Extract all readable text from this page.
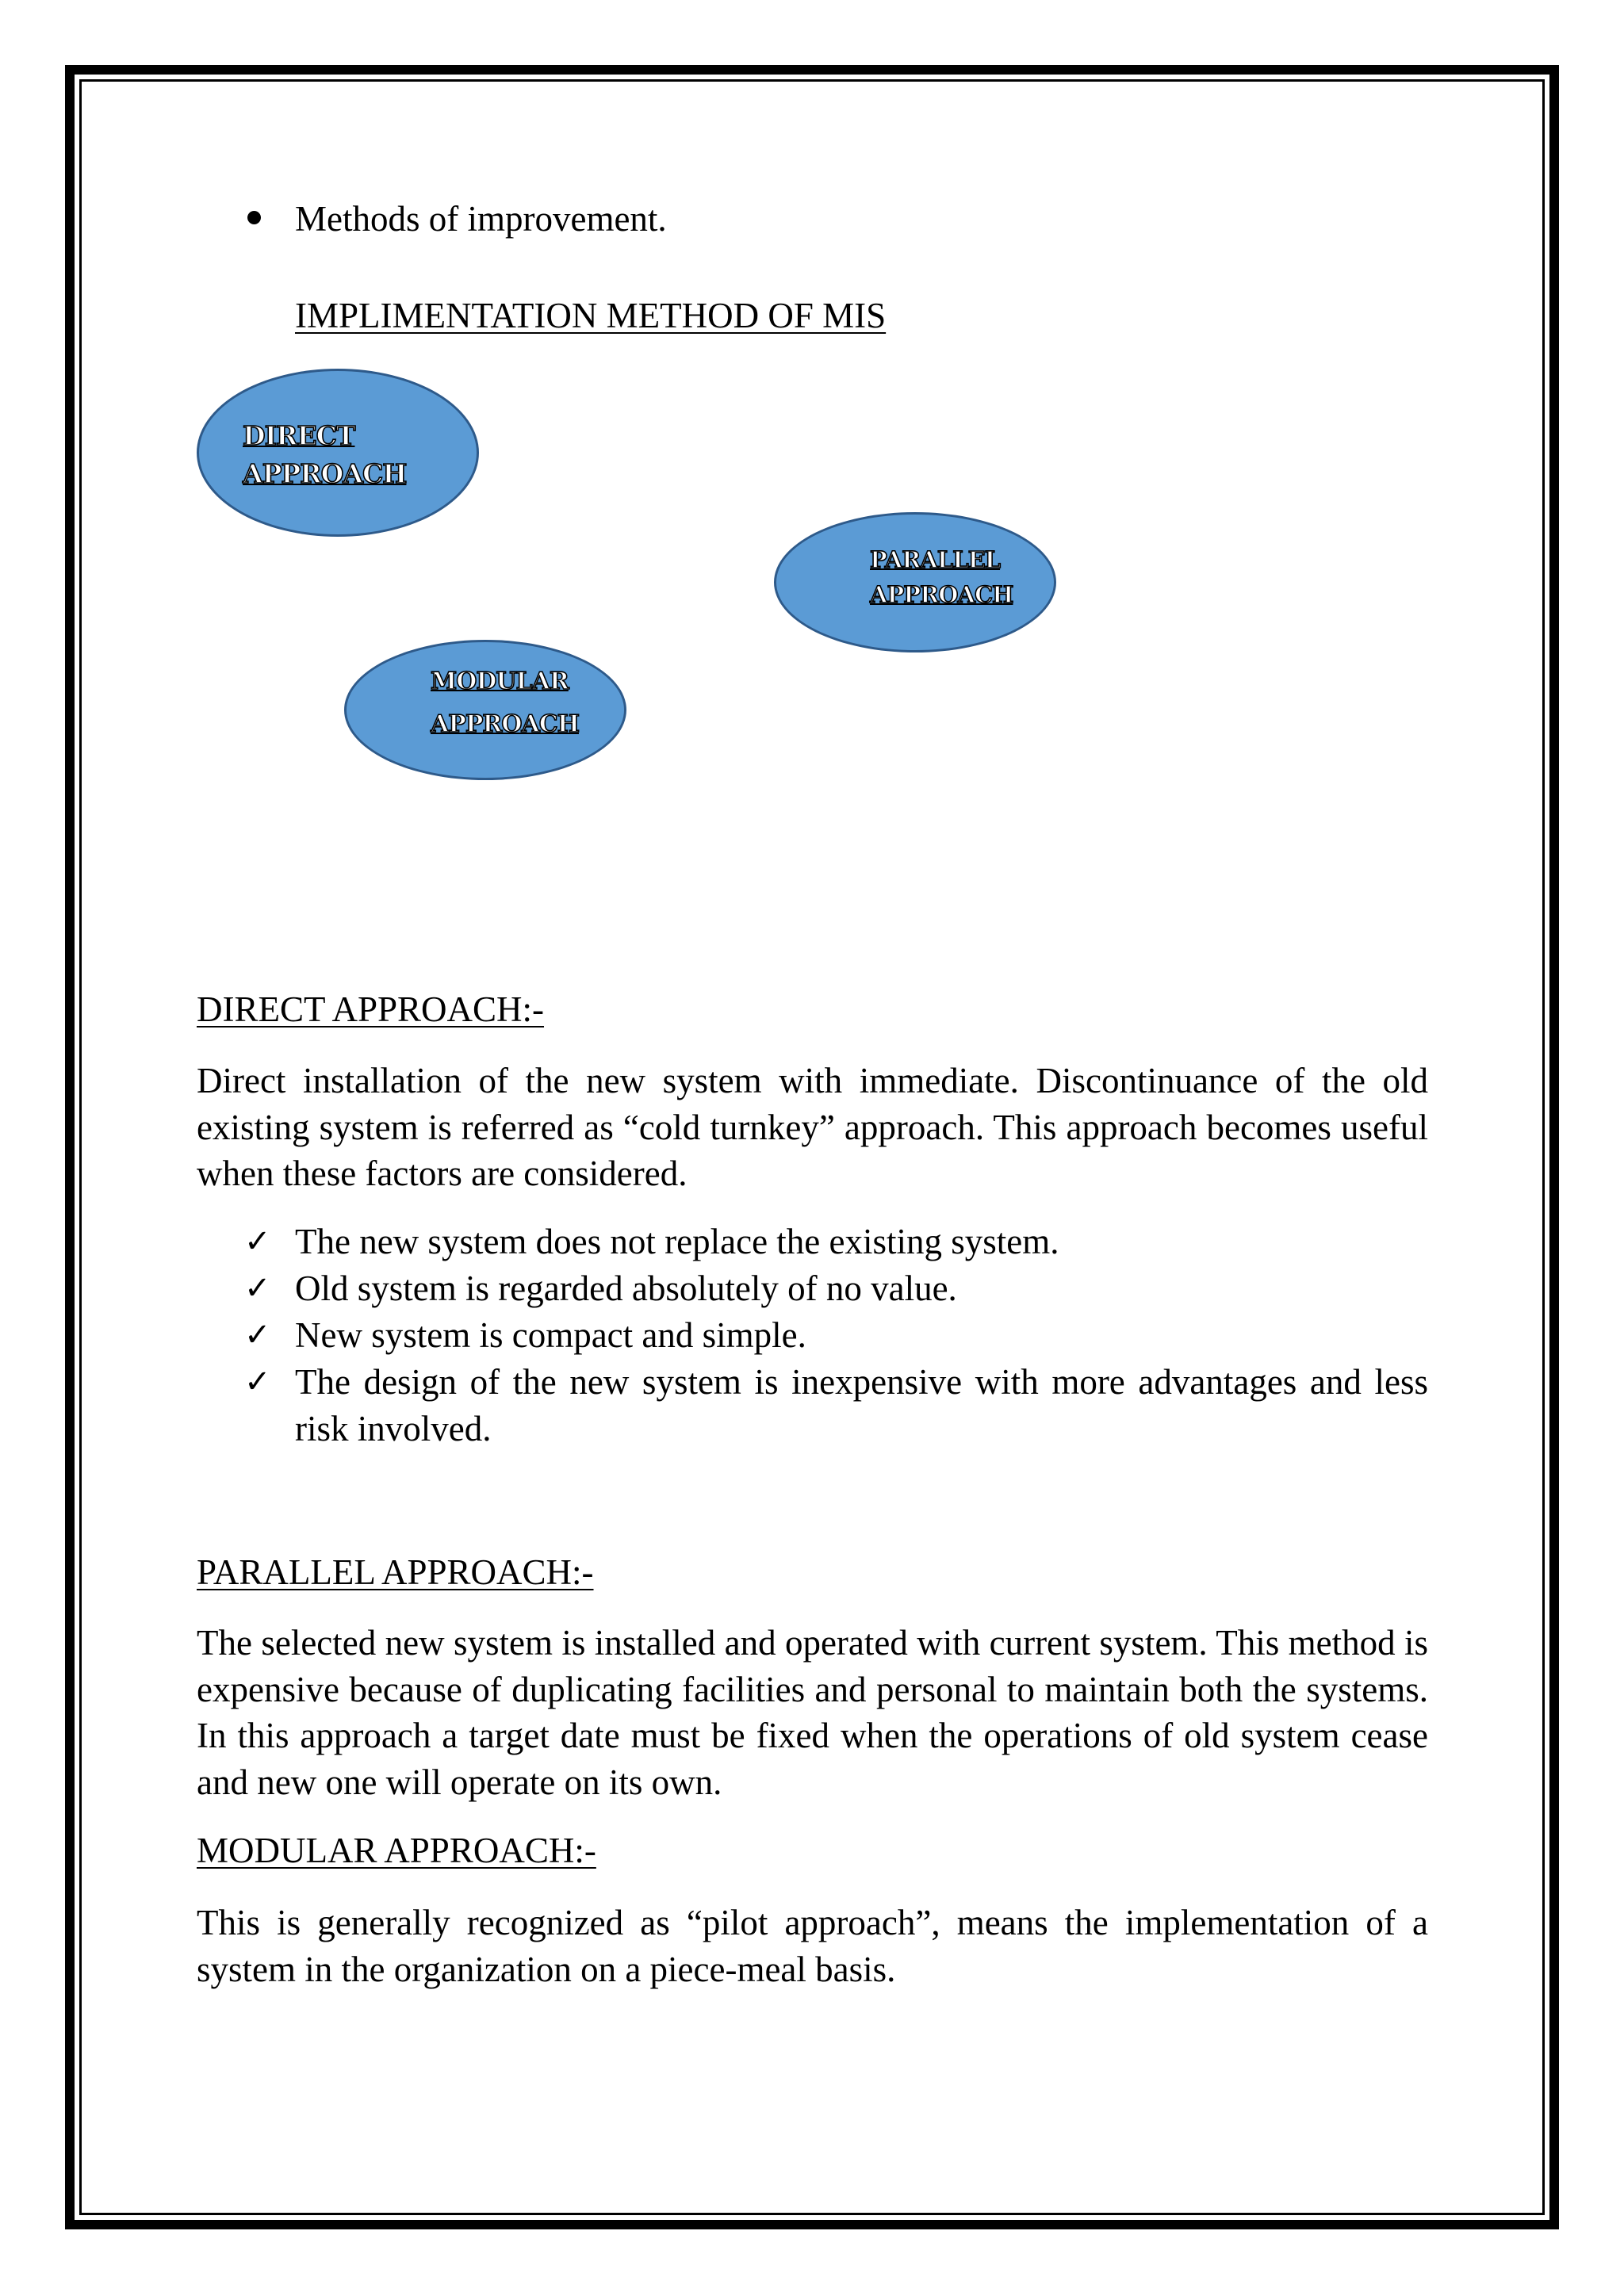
Methods of improvement.
IMPLIMENTATION METHOD OF MIS
DIRECT
APPROACH
PARALLEL
APPROACH
MODULAR
APPROACH
DIRECT APPROACH:-
Direct installation of the new system with immediate. Discontinuance of the old existing system is referred as “cold turnkey” approach. This approach becomes useful when these factors are considered.
✓ The new system does not replace the existing system.
✓ Old system is regarded absolutely of no value.
✓ New system is compact and simple.
✓ The design of the new system is inexpensive with more advantages and less risk involved.
PARALLEL APPROACH:-
The selected new system is installed and operated with current system. This method is expensive because of duplicating facilities and personal to maintain both the systems. In this approach a target date must be fixed when the operations of old system cease and new one will operate on its own.
MODULAR APPROACH:-
This is generally recognized as “pilot approach”, means the implementation of a system in the organization on a piece-meal basis.
